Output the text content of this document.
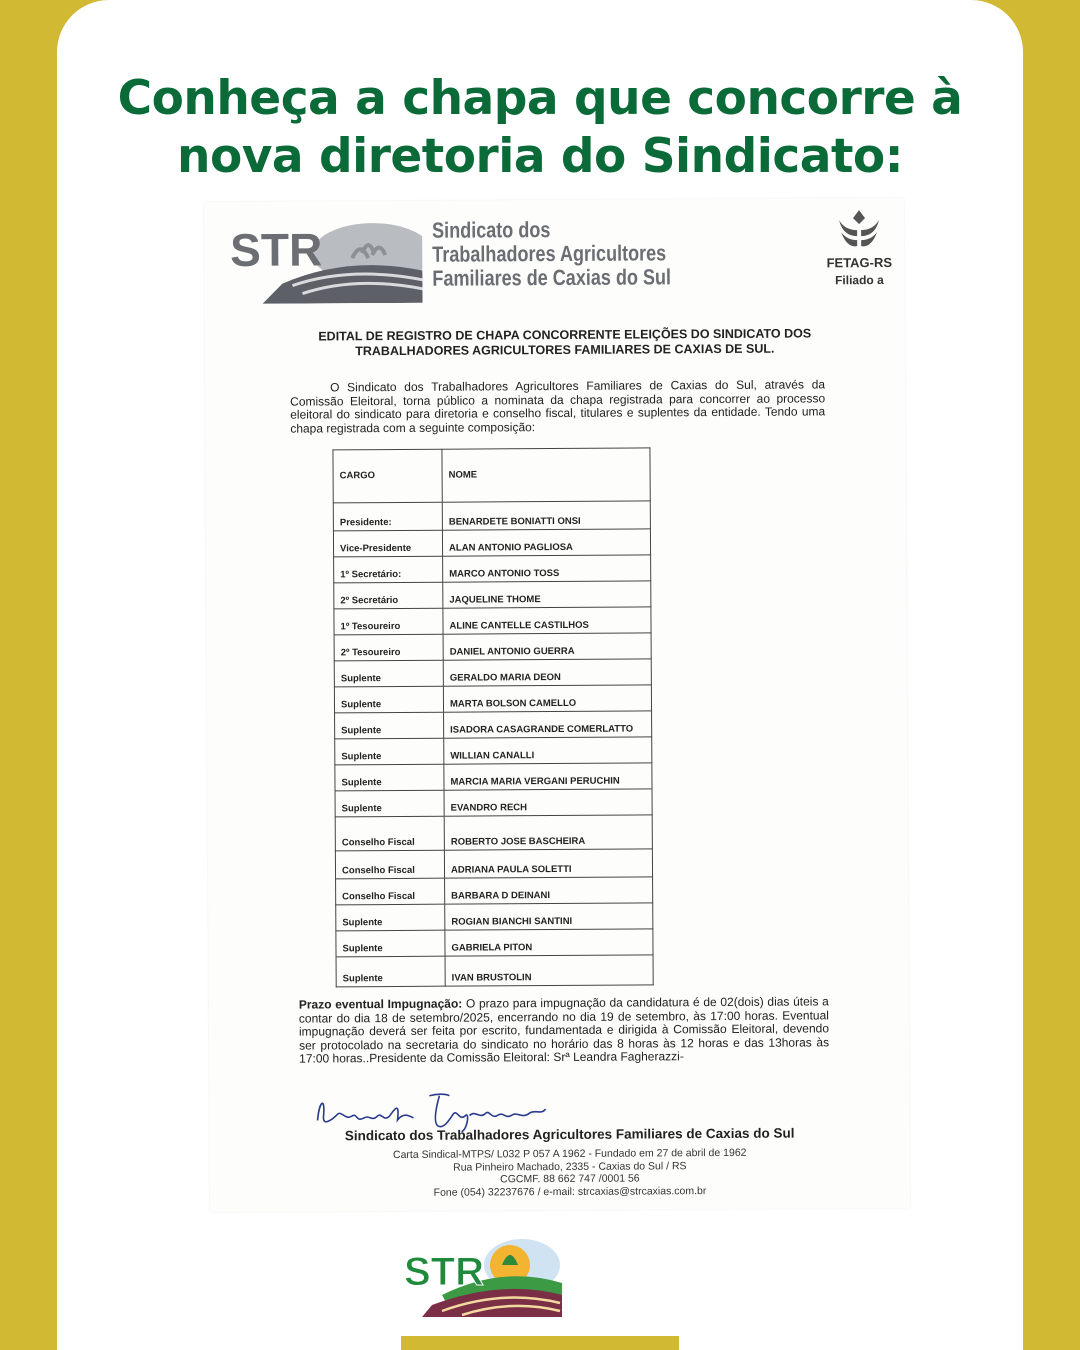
Conheça a chapa que concorre à
nova diretoria do Sindicato:
STR	Sindicato dos
Trabalhadores Agricultores
Familiares de Caxias do Sul
FETAG-RS
Filiado a
EDITAL DE REGISTRO DE CHAPA CONCORRENTE ELEIÇÕES DO SINDICATO DOS TRABALHADORES AGRICULTORES FAMILIARES DE CAXIAS DE SUL.
O Sindicato dos Trabalhadores Agricultores Familiares de Caxias do Sul, através da Comissão Eleitoral, torna público a nominata da chapa registrada para concorrer ao processo eleitoral do sindicato para diretoria e conselho fiscal, titulares e suplentes da entidade. Tendo uma chapa registrada com a seguinte composição:
CARGO	NOME
Presidente:	BENARDETE BONIATTI ONSI
Vice-Presidente	ALAN ANTONIO PAGLIOSA
1º Secretário:	MARCO ANTONIO TOSS
2º Secretário	JAQUELINE THOME
1º Tesoureiro	ALINE CANTELLE CASTILHOS
2º Tesoureiro	DANIEL ANTONIO GUERRA
Suplente	GERALDO MARIA DEON
Suplente	MARTA BOLSON CAMELLO
Suplente	ISADORA CASAGRANDE COMERLATTO
Suplente	WILLIAN CANALLI
Suplente	MARCIA MARIA VERGANI PERUCHIN
Suplente	EVANDRO RECH
Conselho Fiscal	ROBERTO JOSE BASCHEIRA
Conselho Fiscal	ADRIANA PAULA SOLETTI
Conselho Fiscal	BARBARA D DEINANI
Suplente	ROGIAN BIANCHI SANTINI
Suplente	GABRIELA PITON
Suplente	IVAN BRUSTOLIN
Prazo eventual Impugnação: O prazo para impugnação da candidatura é de 02(dois) dias úteis a contar do dia 18 de setembro/2025, encerrando no dia 19 de setembro, às 17:00 horas. Eventual impugnação deverá ser feita por escrito, fundamentada e dirigida à Comissão Eleitoral, devendo ser protocolado na secretaria do sindicato no horário das 8 horas às 12 horas e das 13horas às 17:00 horas..Presidente da Comissão Eleitoral: Srª Leandra Fagherazzi-
Sindicato dos Trabalhadores Agricultores Familiares de Caxias do Sul
Carta Sindical-MTPS/ L032 P 057 A 1962 - Fundado em 27 de abril de 1962
Rua Pinheiro Machado, 2335 - Caxias do Sul / RS
CGCMF. 88 662 747 /0001 56
Fone (054) 32237676 / e-mail: strcaxias@strcaxias.com.br
STR
